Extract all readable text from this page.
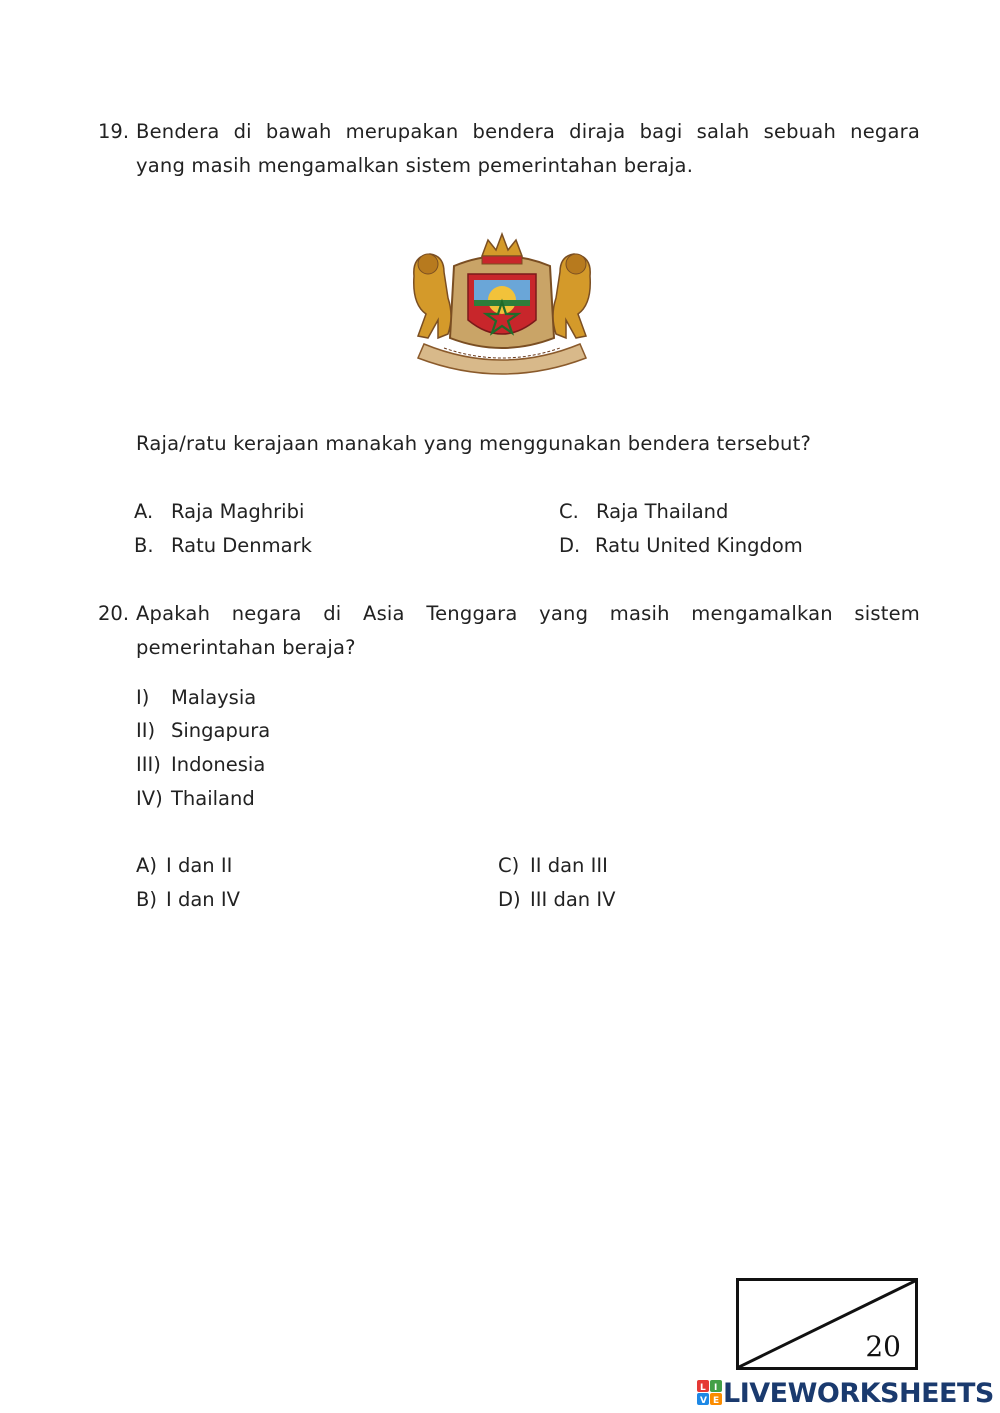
19. Bendera di bawah merupakan bendera diraja bagi salah sebuah negara
yang masih mengamalkan sistem pemerintahan beraja.
Raja/ratu kerajaan manakah yang menggunakan bendera tersebut?
A. Raja Maghribi
B. Ratu Denmark
C. Raja Thailand
D. Ratu United Kingdom
20. Apakah negara di Asia Tenggara yang masih mengamalkan sistem
pemerintahan beraja?
I) Malaysia
II) Singapura
III) Indonesia
IV) Thailand
A) I dan II
B) I dan IV
C) II dan III
D) III dan IV
20
L I
V E LIVEWORKSHEETS
